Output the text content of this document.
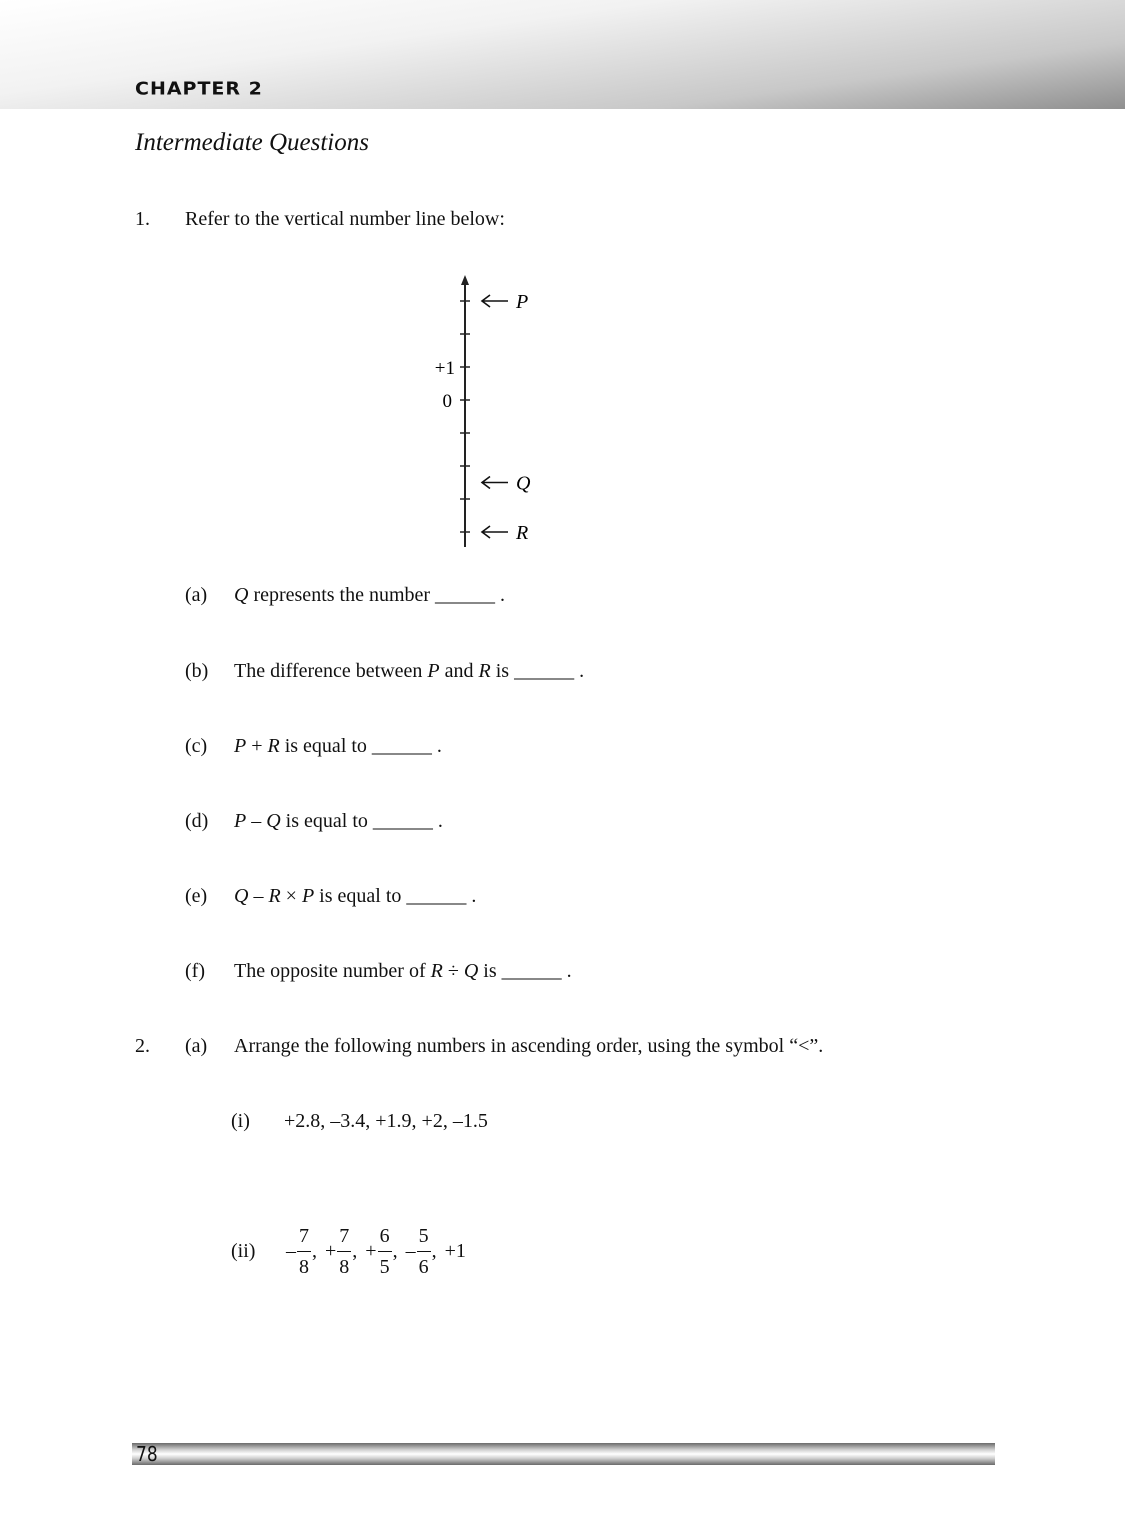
CHAPTER 2
Intermediate Questions
1. Refer to the vertical number line below:
+1
0
P
Q
R
(a) Q represents the number ______ .
(b) The difference between P and R is ______ .
(c) P + R is equal to ______ .
(d) P – Q is equal to ______ .
(e) Q – R × P is equal to ______ .
(f) The opposite number of R ÷ Q is ______ .
2. (a) Arrange the following numbers in ascending order, using the symbol “<”.
(i) +2.8, –3.4, +1.9, +2, –1.5
$(ii) - \frac{7}{8}$ , + $\frac{7}{8}$ , + $\frac{6}{5}$ , – $\frac{5}{6}$ , +1
78
